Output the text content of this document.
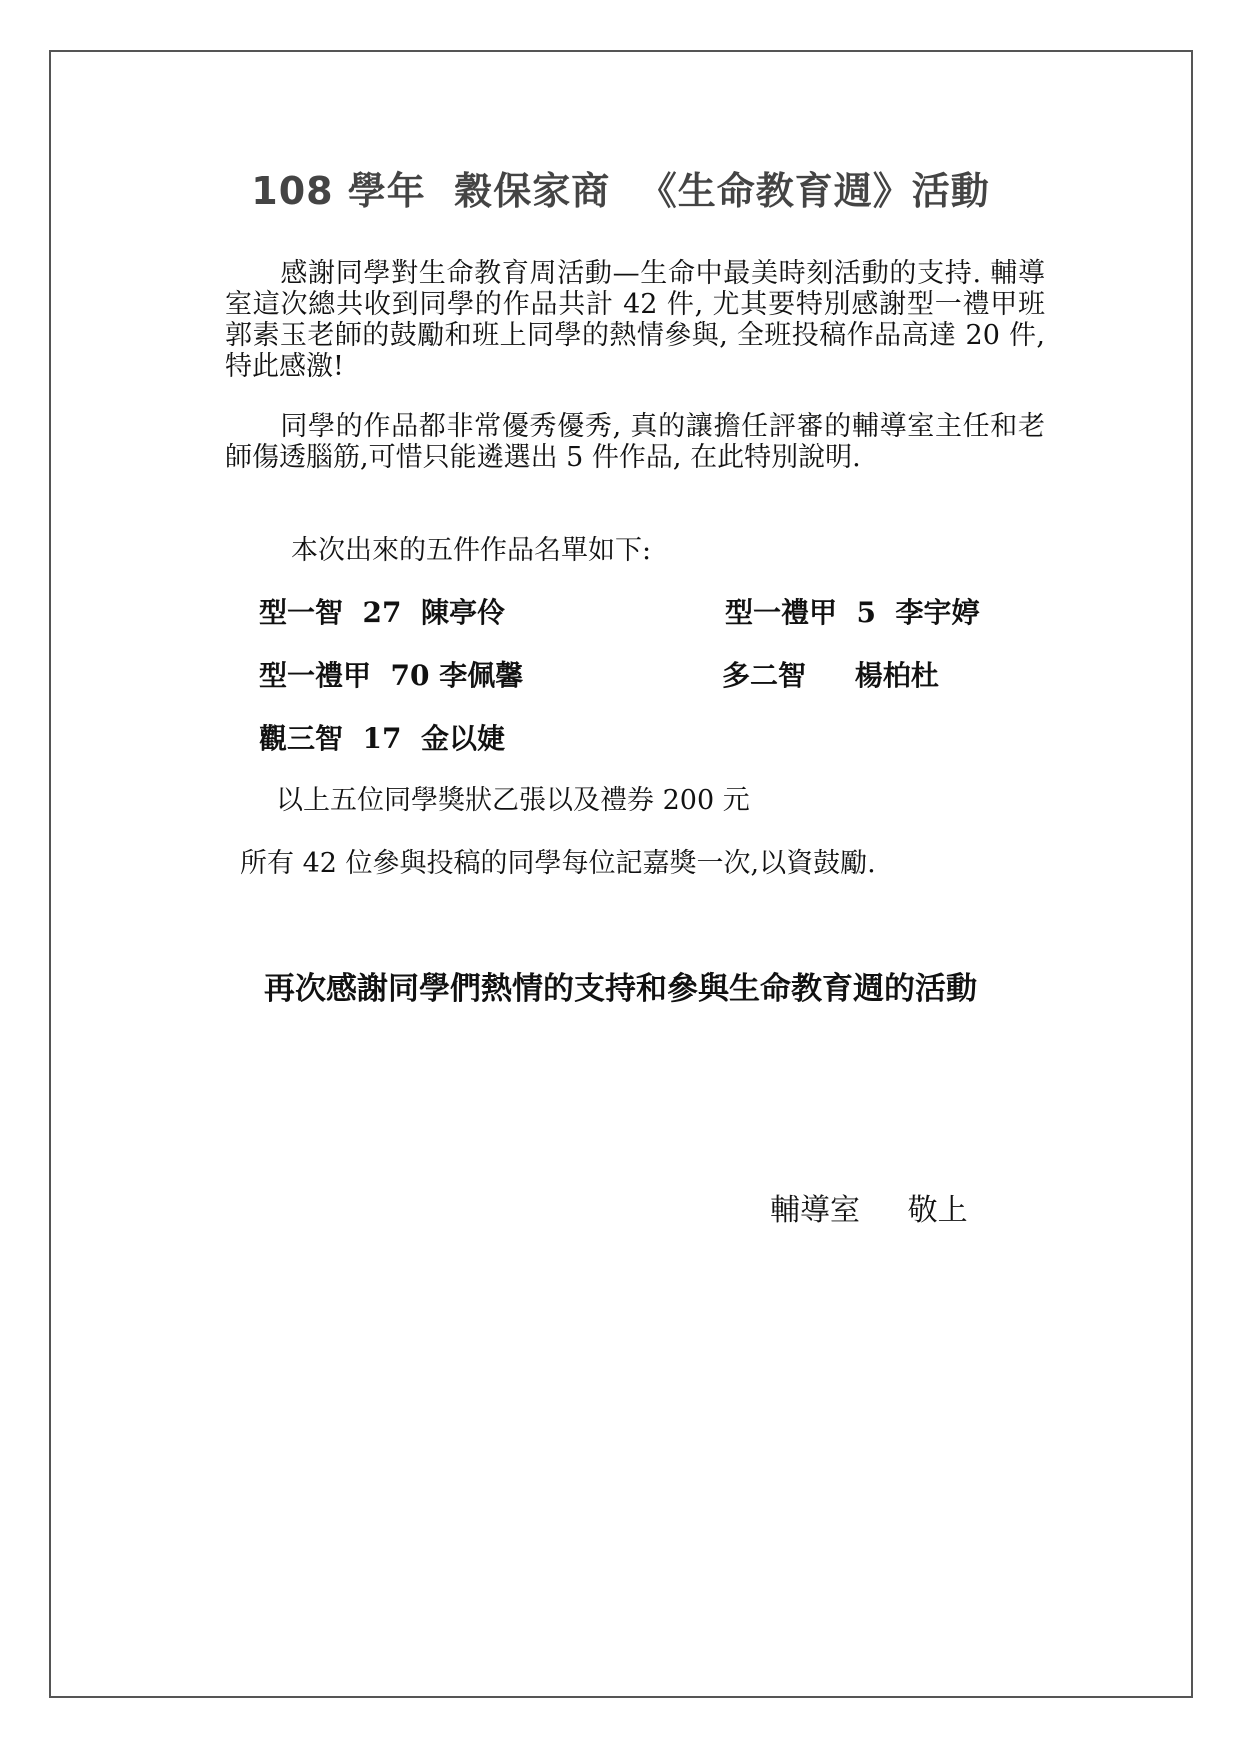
108 學年  穀保家商  《生命教育週》活動

　　感謝同學對生命教育周活動—生命中最美時刻活動的支持. 輔導室這次總共收到同學的作品共計 42 件, 尤其要特別感謝型一禮甲班郭素玉老師的鼓勵和班上同學的熱情參與, 全班投稿作品高達 20 件,特此感激!

　　同學的作品都非常優秀優秀, 真的讓擔任評審的輔導室主任和老師傷透腦筋,可惜只能遴選出 5 件作品, 在此特別說明.

本次出來的五件作品名單如下:
型一智  27  陳亭伶	型一禮甲  5  李宇婷
型一禮甲  70 李佩馨	多二智     楊柏杜
觀三智  17  金以婕
以上五位同學獎狀乙張以及禮券 200 元
所有 42 位參與投稿的同學每位記嘉獎一次,以資鼓勵.
再次感謝同學們熱情的支持和參與生命教育週的活動
輔導室     敬上
